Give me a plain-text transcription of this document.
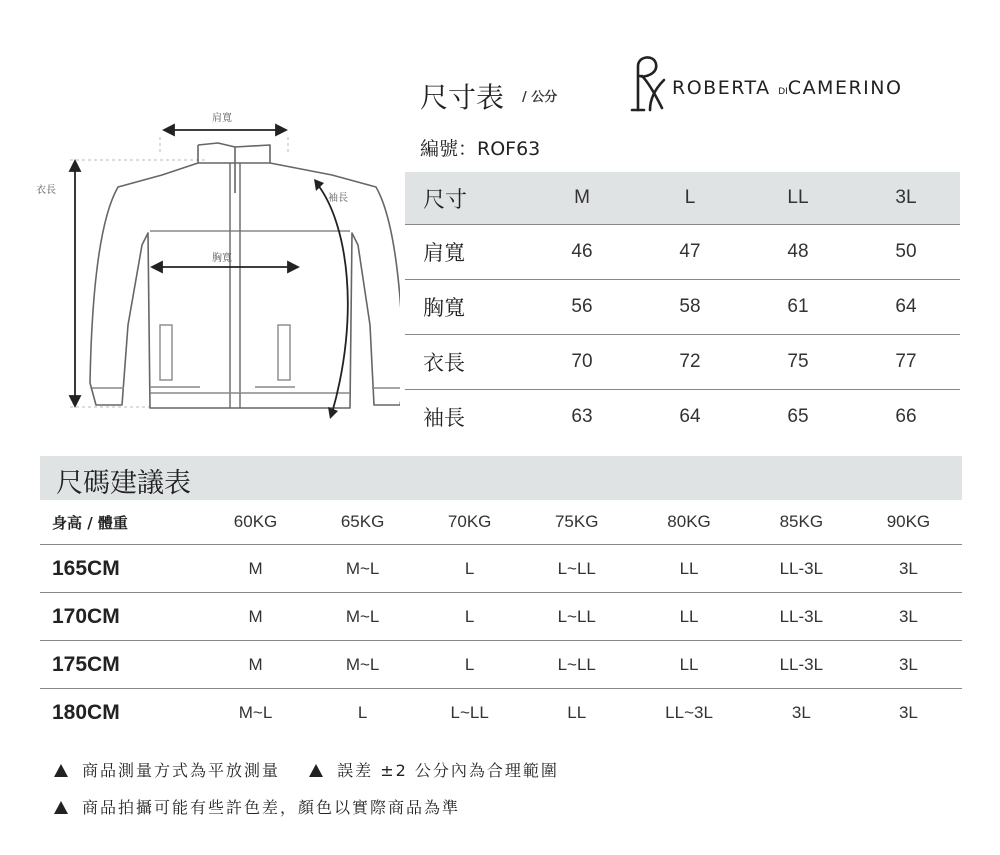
肩寬
胸寬
衣長
袖長
尺寸表 / 公分
編號：ROF63
ROBERTA DICAMERINO
尺寸	M	L	LL	3L
肩寬	46	47	48	50
胸寬	56	58	61	64
衣長	70	72	75	77
袖長	63	64	65	66
尺碼建議表
身高 / 體重	60KG	65KG	70KG	75KG	80KG	85KG	90KG
165CM	M	M~L	L	L~LL	LL	LL-3L	3L
170CM	M	M~L	L	L~LL	LL	LL-3L	3L
175CM	M	M~L	L	L~LL	LL	LL-3L	3L
180CM	M~L	L	L~LL	LL	LL~3L	3L	3L
商品測量方式為平放測量	誤差 ±2 公分內為合理範圍
商品拍攝可能有些許色差，顏色以實際商品為準
